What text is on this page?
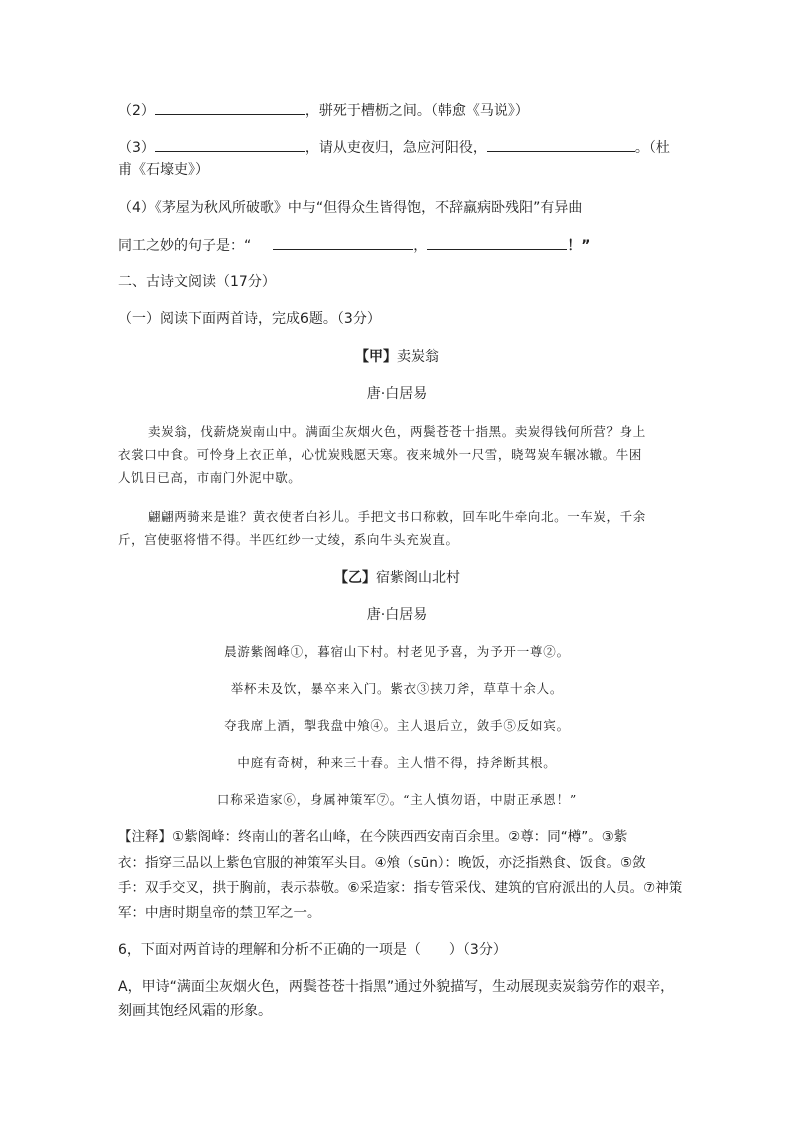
（2）	，骈死于槽枥之间。（韩愈《马说》）
（3）	，请从吏夜归，急应河阳役，	。（杜
甫《石壕吏》）
（4）《茅屋为秋风所破歌》中与“但得众生皆得饱，不辞羸病卧残阳”有异曲
同工之妙的句子是：“	，	！”
二、古诗文阅读（17分）
（一）阅读下面两首诗，完成6题。（3分）
【甲】卖炭翁
唐·白居易
卖炭翁，伐薪烧炭南山中。满面尘灰烟火色，两鬓苍苍十指黑。卖炭得钱何所营？身上
衣裳口中食。可怜身上衣正单，心忧炭贱愿天寒。夜来城外一尺雪，晓驾炭车辗冰辙。牛困
人饥日已高，市南门外泥中歇。
翩翩两骑来是谁？黄衣使者白衫儿。手把文书口称敕，回车叱牛牵向北。一车炭，千余
斤，宫使驱将惜不得。半匹红纱一丈绫，系向牛头充炭直。
【乙】宿紫阁山北村
唐·白居易
晨游紫阁峰①，暮宿山下村。村老见予喜，为予开一尊②。
举杯未及饮，暴卒来入门。紫衣③挟刀斧，草草十余人。
夺我席上酒，掣我盘中飧④。主人退后立，敛手⑤反如宾。
中庭有奇树，种来三十春。主人惜不得，持斧断其根。
口称采造家⑥，身属神策军⑦。“主人慎勿语，中尉正承恩！”
【注释】①紫阁峰：终南山的著名山峰，在今陕西西安南百余里。②尊：同“樽”。③紫
衣：指穿三品以上紫色官服的神策军头目。④飧（sūn）：晚饭，亦泛指熟食、饭食。⑤敛
手：双手交叉，拱于胸前，表示恭敬。⑥采造家：指专管采伐、建筑的官府派出的人员。⑦神策
军：中唐时期皇帝的禁卫军之一。
6，下面对两首诗的理解和分析不正确的一项是（　　）（3分）
A，甲诗“满面尘灰烟火色，两鬓苍苍十指黑”通过外貌描写，生动展现卖炭翁劳作的艰辛，
刻画其饱经风霜的形象。
